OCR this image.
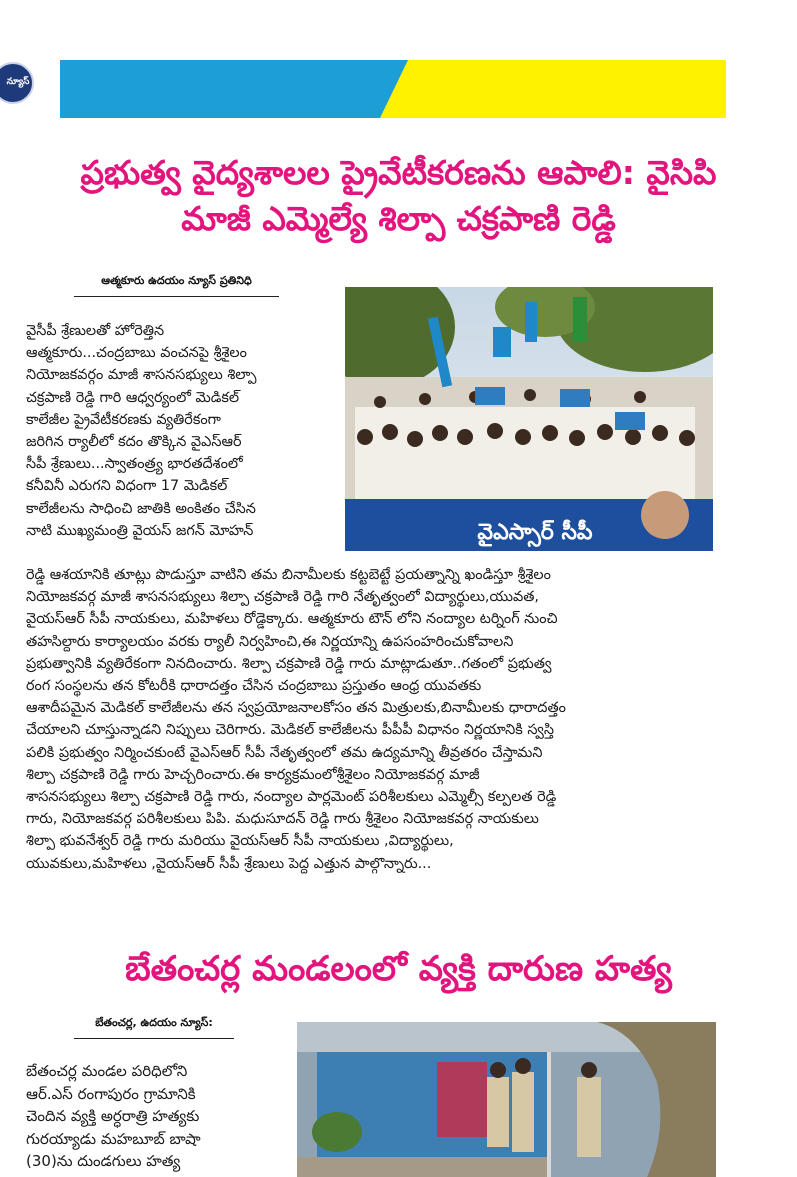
న్యూస్
ప్రభుత్వ వైద్యశాలల ప్రైవేటీకరణను ఆపాలి: వైసిపి
మాజీ ఎమ్మెల్యే శిల్పా చక్రపాణి రెడ్డి
ఆత్మకూరు ఉదయం న్యూస్ ప్రతినిధి
వైఎస్సార్ సీపీ

వైసీపీ శ్రేణులతో హోరెత్తిన

ఆత్మకూరు...చంద్రబాబు వంచనపై శ్రీశైలం

నియోజకవర్గం మాజీ శాసనసభ్యులు శిల్పా

చక్రపాణి రెడ్డి గారి ఆధ్వర్యంలో మెడికల్

కాలేజీల ప్రైవేటీకరణకు వ్యతిరేకంగా

జరిగిన ర్యాలీలో కదం తొక్కిన వైఎస్ఆర్

సీపీ శ్రేణులు...స్వాతంత్ర్య భారతదేశంలో

కనీవినీ ఎరుగని విధంగా 17 మెడికల్

కాలేజీలను సాధించి జాతికి అంకితం చేసిన

నాటి ముఖ్యమంత్రి వైయస్ జగన్ మోహన్

రెడ్డి ఆశయానికి తూట్లు పొడుస్తూ వాటిని తమ బినామీలకు కట్టబెట్టే ప్రయత్నాన్ని ఖండిస్తూ శ్రీశైలం

నియోజకవర్గ మాజీ శాసనసభ్యులు శిల్పా చక్రపాణి రెడ్డి గారి నేతృత్వంలో విద్యార్థులు,యువత,

వైయస్ఆర్ సీపీ నాయకులు, మహిళలు రోడ్డెక్కారు. ఆత్మకూరు టౌన్ లోని నంద్యాల టర్నింగ్ నుంచి

తహసిల్దారు కార్యాలయం వరకు ర్యాలీ నిర్వహించి,ఈ నిర్ణయాన్ని ఉపసంహరించుకోవాలని

ప్రభుత్వానికి వ్యతిరేకంగా నినదించారు. శిల్పా చక్రపాణి రెడ్డి గారు మాట్లాడుతూ..గతంలో ప్రభుత్వ

రంగ సంస్థలను తన కోటరీకి ధారాదత్తం చేసిన చంద్రబాబు ప్రస్తుతం ఆంధ్ర యువతకు

ఆశాదీపమైన మెడికల్ కాలేజీలను తన స్వప్రయోజనాలకోసం తన మిత్రులకు,బినామీలకు ధారాదత్తం

చేయాలని చూస్తున్నాడని నిప్పులు చెరిగారు. మెడికల్ కాలేజీలను పీపీపీ విధానం నిర్ణయానికి స్వస్తి

పలికి ప్రభుత్వం నిర్మించకుంటే వైఎస్ఆర్ సీపీ నేతృత్వంలో తమ ఉద్యమాన్ని తీవ్రతరం చేస్తామని

శిల్పా చక్రపాణి రెడ్డి గారు హెచ్చరించారు.ఈ కార్యక్రమంలోశ్రీశైలం నియోజకవర్గ మాజీ

శాసనసభ్యులు శిల్పా చక్రపాణి రెడ్డి గారు, నంద్యాల పార్లమెంట్ పరిశీలకులు ఎమ్మెల్సీ కల్పలత రెడ్డి

గారు, నియోజకవర్గ పరిశీలకులు పిపి. మధుసూదన్ రెడ్డి గారు శ్రీశైలం నియోజకవర్గ నాయకులు

శిల్పా భువనేశ్వర్ రెడ్డి గారు మరియు వైయస్ఆర్ సీపీ నాయకులు ,విద్యార్థులు,

యువకులు,మహిళలు ,వైయస్ఆర్ సీపీ శ్రేణులు పెద్ద ఎత్తున పాల్గొన్నారు...

బేతంచర్ల మండలంలో వ్యక్తి దారుణ హత్య
బేతంచర్ల, ఉదయం న్యూస్:

బేతంచర్ల మండల పరిధిలోని

ఆర్.ఎస్ రంగాపురం గ్రామానికి

చెందిన వ్యక్తి అర్ధరాత్రి హత్యకు

గురయ్యాడు మహబూబ్ బాషా

(30)ను దుండగులు హత్య
